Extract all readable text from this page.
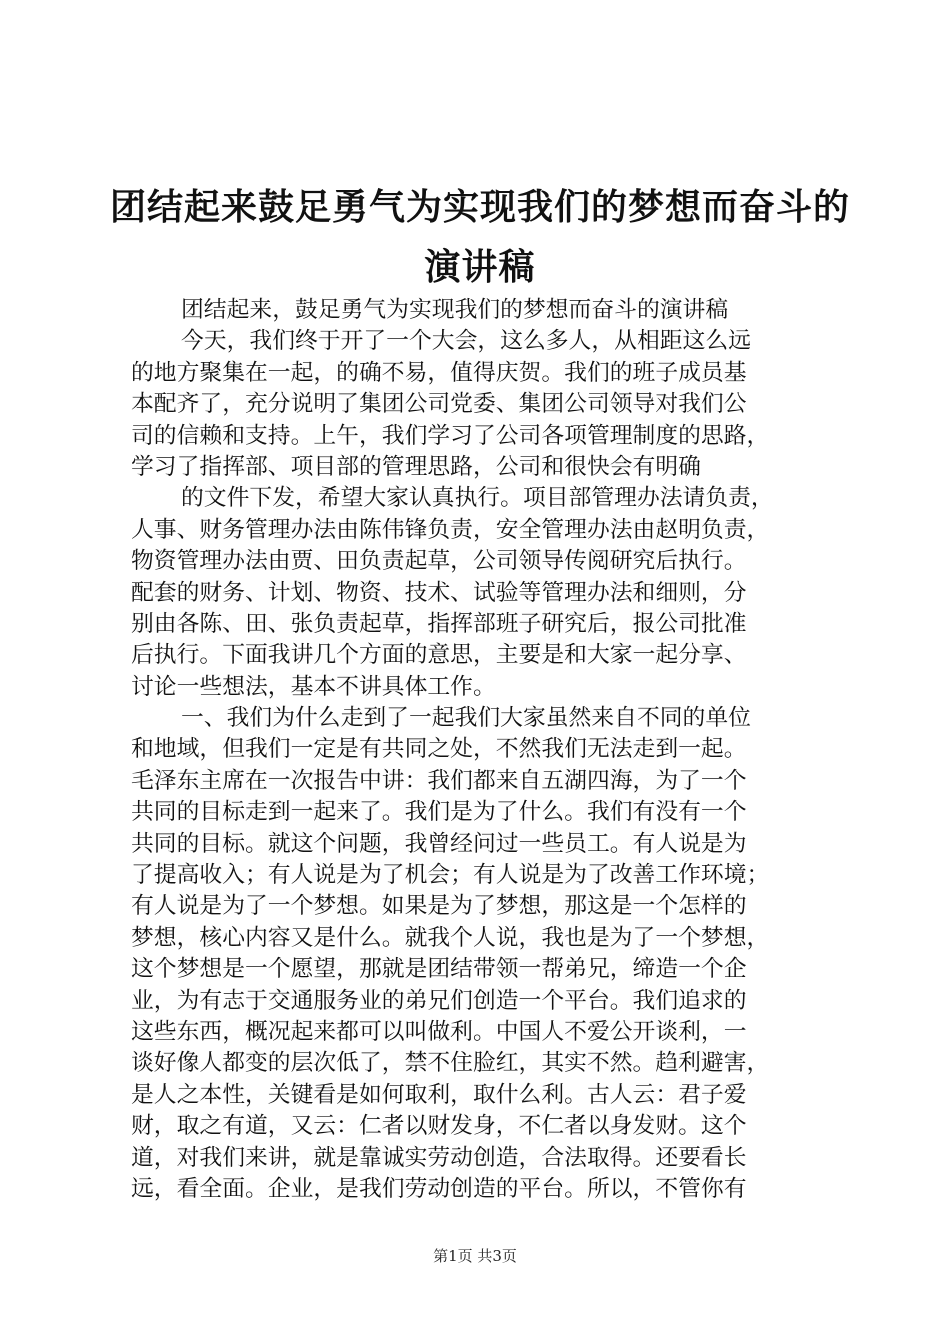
团结起来鼓足勇气为实现我们的梦想而奋斗的
演讲稿
团结起来，鼓足勇气为实现我们的梦想而奋斗的演讲稿
今天，我们终于开了一个大会，这么多人，从相距这么远
的地方聚集在一起，的确不易，值得庆贺。我们的班子成员基
本配齐了，充分说明了集团公司党委、集团公司领导对我们公
司的信赖和支持。上午，我们学习了公司各项管理制度的思路，
学习了指挥部、项目部的管理思路，公司和很快会有明确
的文件下发，希望大家认真执行。项目部管理办法请负责，
人事、财务管理办法由陈伟锋负责，安全管理办法由赵明负责，
物资管理办法由贾、田负责起草，公司领导传阅研究后执行。
配套的财务、计划、物资、技术、试验等管理办法和细则，分
别由各陈、田、张负责起草，指挥部班子研究后，报公司批准
后执行。下面我讲几个方面的意思，主要是和大家一起分享、
讨论一些想法，基本不讲具体工作。
一、我们为什么走到了一起我们大家虽然来自不同的单位
和地域，但我们一定是有共同之处，不然我们无法走到一起。
毛泽东主席在一次报告中讲：我们都来自五湖四海，为了一个
共同的目标走到一起来了。我们是为了什么。我们有没有一个
共同的目标。就这个问题，我曾经问过一些员工。有人说是为
了提高收入；有人说是为了机会；有人说是为了改善工作环境；
有人说是为了一个梦想。如果是为了梦想，那这是一个怎样的
梦想，核心内容又是什么。就我个人说，我也是为了一个梦想，
这个梦想是一个愿望，那就是团结带领一帮弟兄，缔造一个企
业，为有志于交通服务业的弟兄们创造一个平台。我们追求的
这些东西，概况起来都可以叫做利。中国人不爱公开谈利，一
谈好像人都变的层次低了，禁不住脸红，其实不然。趋利避害，
是人之本性，关键看是如何取利，取什么利。古人云：君子爱
财，取之有道，又云：仁者以财发身，不仁者以身发财。这个
道，对我们来讲，就是靠诚实劳动创造，合法取得。还要看长
远，看全面。企业，是我们劳动创造的平台。所以，不管你有
第1页 共3页
